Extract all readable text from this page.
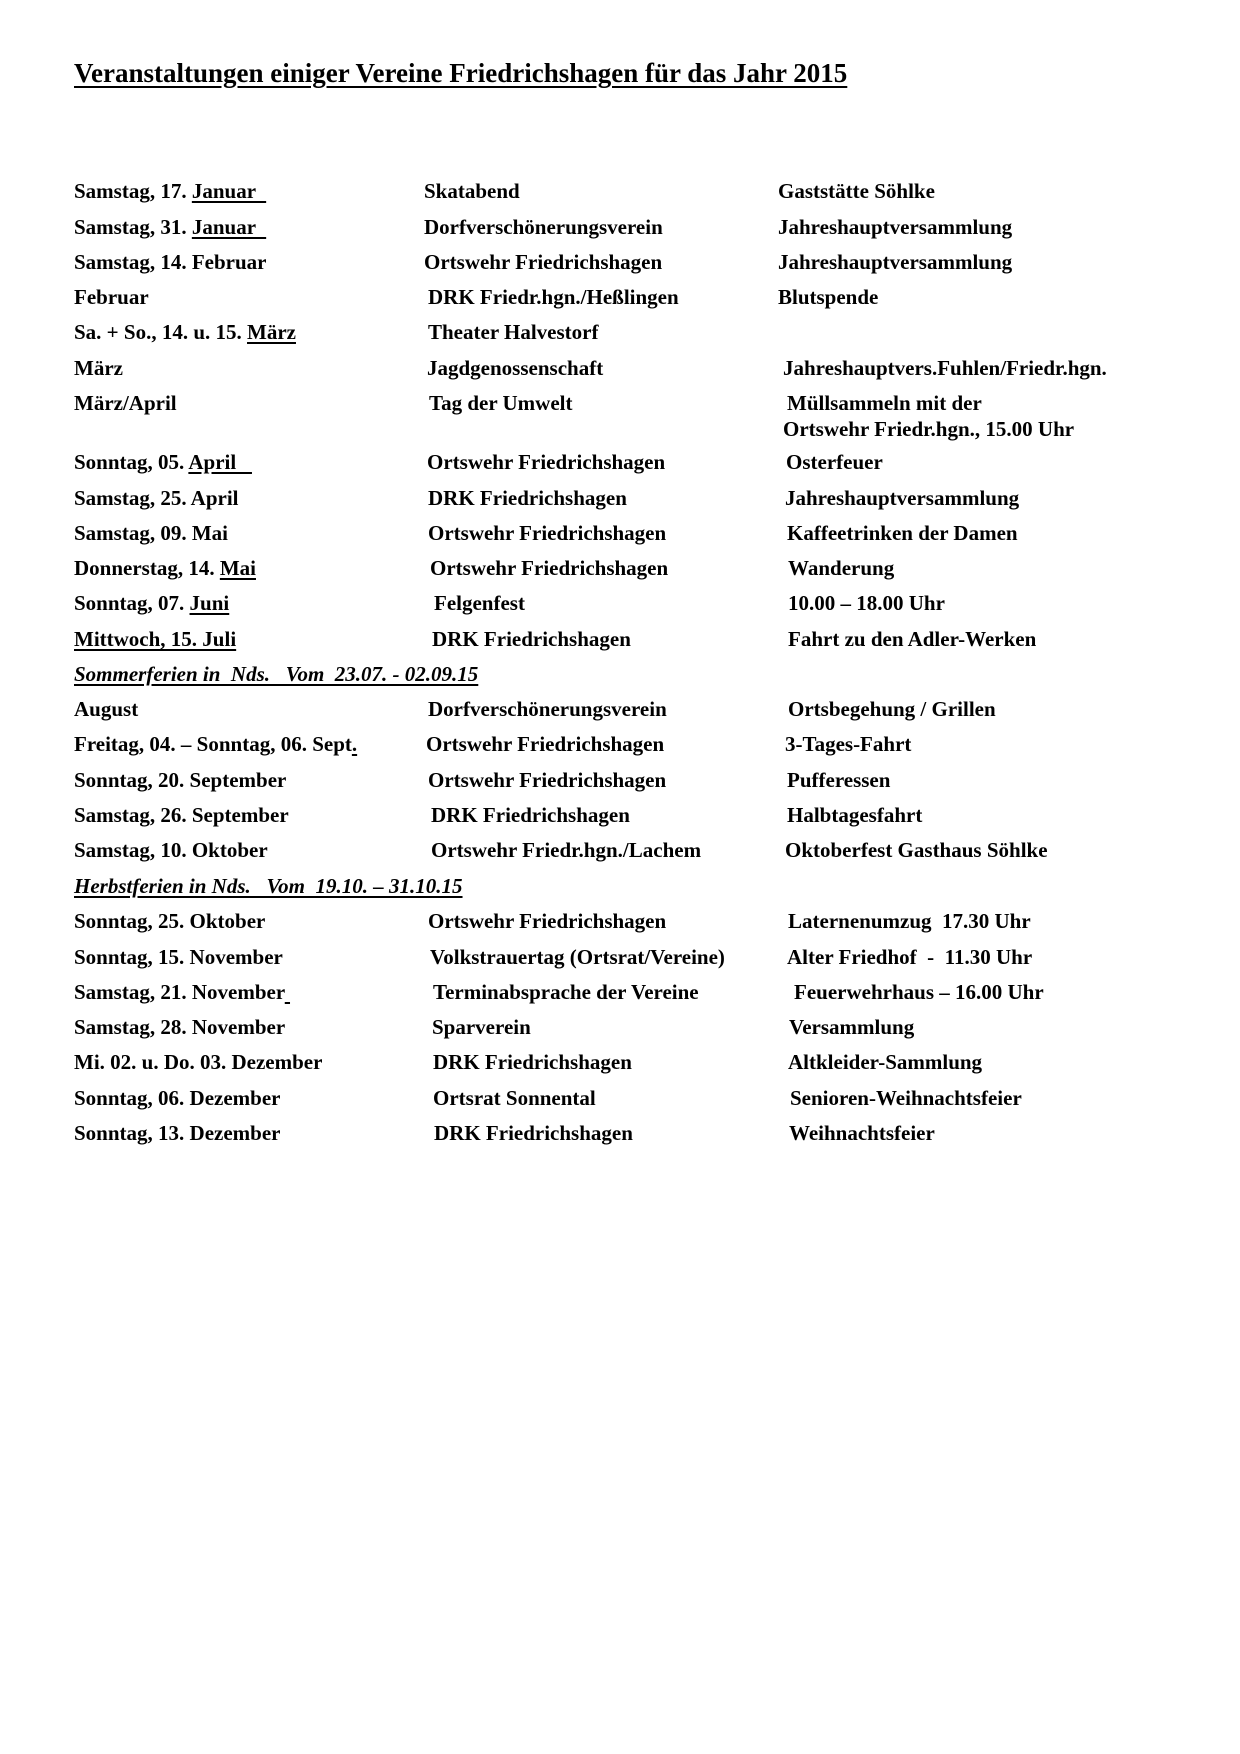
Veranstaltungen einiger Vereine Friedrichshagen für das Jahr 2015
Samstag, 17. Januar	Skatabend	Gaststätte Söhlke
Samstag, 31. Januar	Dorfverschönerungsverein	Jahreshauptversammlung
Samstag, 14. Februar	Ortswehr Friedrichshagen	Jahreshauptversammlung
Februar	DRK Friedr.hgn./Heßlingen	Blutspende
Sa. + So., 14. u. 15. März	Theater Halvestorf
März	Jagdgenossenschaft	Jahreshauptvers.Fuhlen/Friedr.hgn.
März/April	Tag der Umwelt	Müllsammeln mit der
Ortswehr Friedr.hgn., 15.00 Uhr
Sonntag, 05. April	Ortswehr Friedrichshagen	Osterfeuer
Samstag, 25. April	DRK Friedrichshagen	Jahreshauptversammlung
Samstag, 09. Mai	Ortswehr Friedrichshagen	Kaffeetrinken der Damen
Donnerstag, 14. Mai	Ortswehr Friedrichshagen	Wanderung
Sonntag, 07. Juni	Felgenfest	10.00 – 18.00 Uhr
Mittwoch, 15. Juli	DRK Friedrichshagen	Fahrt zu den Adler-Werken
August	Dorfverschönerungsverein	Ortsbegehung / Grillen
Freitag, 04. – Sonntag, 06. Sept.	Ortswehr Friedrichshagen	3-Tages-Fahrt
Sonntag, 20. September	Ortswehr Friedrichshagen	Pufferessen
Samstag, 26. September	DRK Friedrichshagen	Halbtagesfahrt
Samstag, 10. Oktober	Ortswehr Friedr.hgn./Lachem	Oktoberfest Gasthaus Söhlke
Sonntag, 25. Oktober	Ortswehr Friedrichshagen	Laternenumzug  17.30 Uhr
Sonntag, 15. November	Volkstrauertag (Ortsrat/Vereine)	Alter Friedhof  -  11.30 Uhr
Samstag, 21. November	Terminabsprache der Vereine	Feuerwehrhaus – 16.00 Uhr
Samstag, 28. November	Sparverein	Versammlung
Mi. 02. u. Do. 03. Dezember	DRK Friedrichshagen	Altkleider-Sammlung
Sonntag, 06. Dezember	Ortsrat Sonnental	Senioren-Weihnachtsfeier
Sonntag, 13. Dezember	DRK Friedrichshagen	Weihnachtsfeier
Sommerferien in  Nds.   Vom  23.07. - 02.09.15
Herbstferien in Nds.   Vom  19.10. – 31.10.15
